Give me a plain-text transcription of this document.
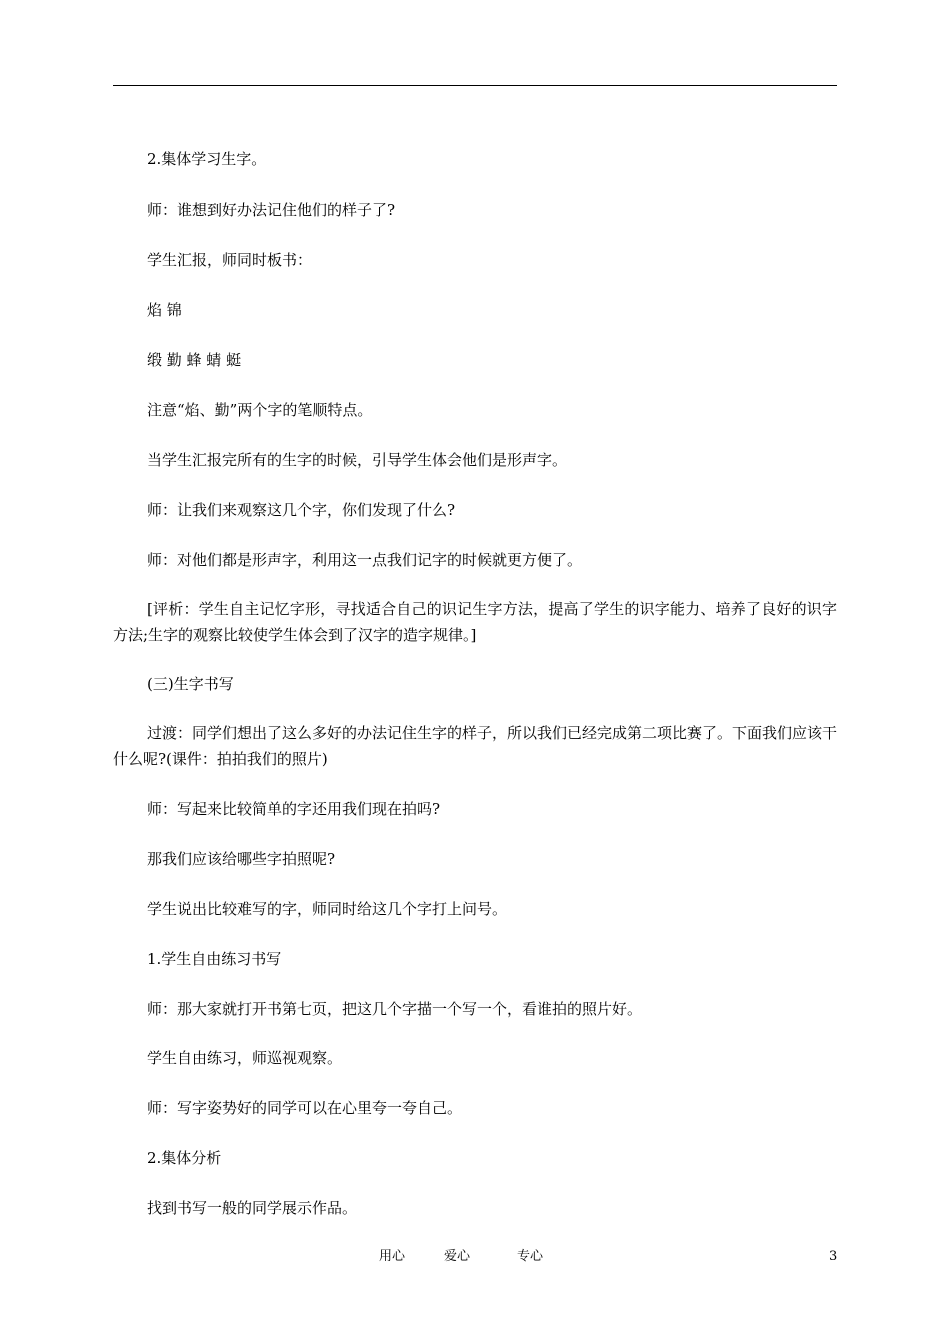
2.集体学习生字。

师：谁想到好办法记住他们的样子了?

学生汇报，师同时板书：

焰 锦

缎 勤 蜂 蜻 蜓

注意“焰、勤”两个字的笔顺特点。

当学生汇报完所有的生字的时候，引导学生体会他们是形声字。

师：让我们来观察这几个字，你们发现了什么?

师：对他们都是形声字，利用这一点我们记字的时候就更方便了。

[评析：学生自主记忆字形，寻找适合自己的识记生字方法，提高了学生的识字能力、培养了良好的识字方法;生字的观察比较使学生体会到了汉字的造字规律。]

(三)生字书写

过渡：同学们想出了这么多好的办法记住生字的样子，所以我们已经完成第二项比赛了。下面我们应该干什么呢?(课件：拍拍我们的照片)

师：写起来比较简单的字还用我们现在拍吗?

那我们应该给哪些字拍照呢?

学生说出比较难写的字，师同时给这几个字打上问号。

1.学生自由练习书写

师：那大家就打开书第七页，把这几个字描一个写一个，看谁拍的照片好。

学生自由练习，师巡视观察。

师：写字姿势好的同学可以在心里夸一夸自己。

2.集体分析

找到书写一般的同学展示作品。

用心	爱心	专心	3
